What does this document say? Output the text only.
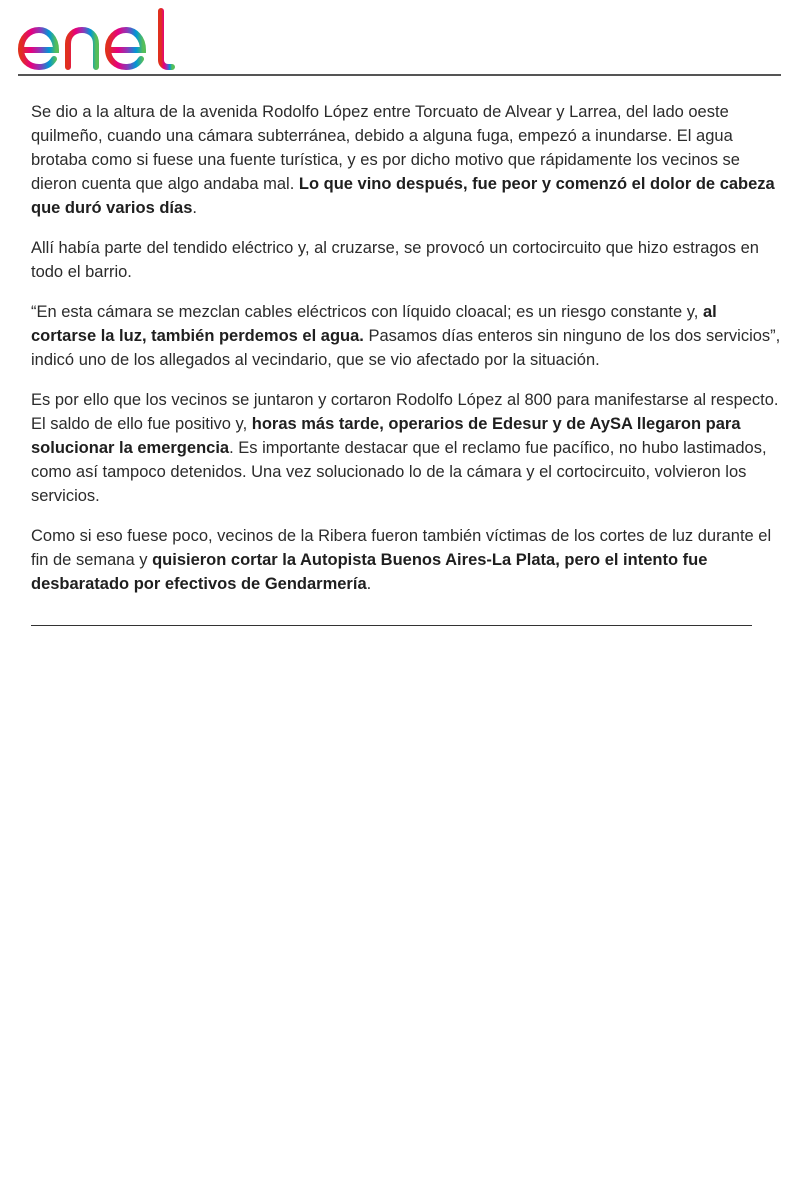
Se dio a la altura de la avenida Rodolfo López entre Torcuato de Alvear y Larrea, del lado oeste quilmeño, cuando una cámara subterránea, debido a alguna fuga, empezó a inundarse. El agua brotaba como si fuese una fuente turística, y es por dicho motivo que rápidamente los vecinos se dieron cuenta que algo andaba mal. Lo que vino después, fue peor y comenzó el dolor de cabeza que duró varios días.

Allí había parte del tendido eléctrico y, al cruzarse, se provocó un cortocircuito que hizo estragos en todo el barrio.

“En esta cámara se mezclan cables eléctricos con líquido cloacal; es un riesgo constante y, al cortarse la luz, también perdemos el agua. Pasamos días enteros sin ninguno de los dos servicios”, indicó uno de los allegados al vecindario, que se vio afectado por la situación.

Es por ello que los vecinos se juntaron y cortaron Rodolfo López al 800 para manifestarse al respecto. El saldo de ello fue positivo y, horas más tarde, operarios de Edesur y de AySA llegaron para solucionar la emergencia. Es importante destacar que el reclamo fue pacífico, no hubo lastimados, como así tampoco detenidos. Una vez solucionado lo de la cámara y el cortocircuito, volvieron los servicios.

Como si eso fuese poco, vecinos de la Ribera fueron también víctimas de los cortes de luz durante el fin de semana y quisieron cortar la Autopista Buenos Aires-La Plata, pero el intento fue desbaratado por efectivos de Gendarmería.
